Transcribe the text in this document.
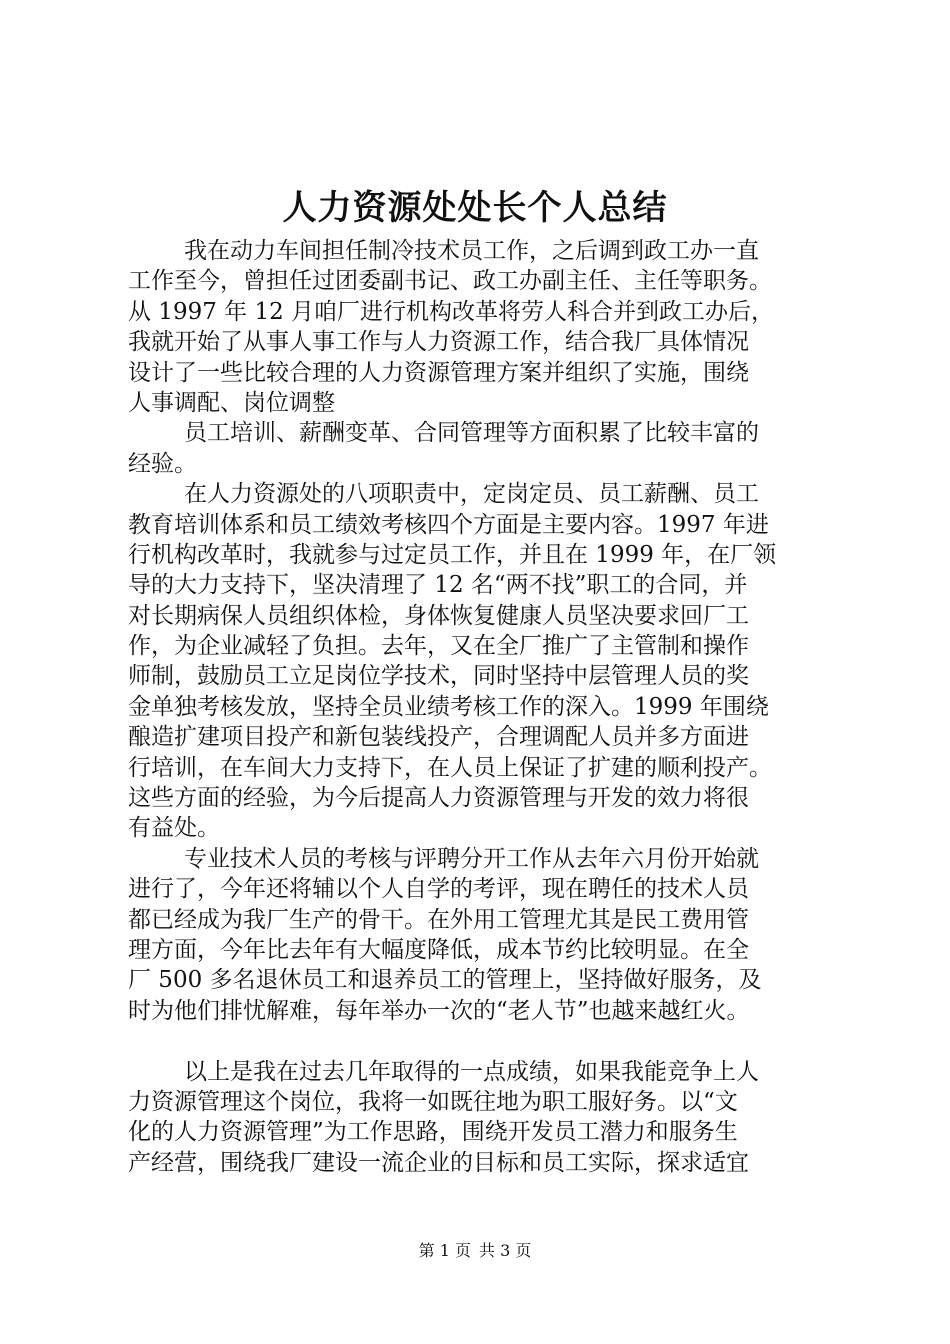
人力资源处处长个人总结
我在动力车间担任制冷技术员工作，之后调到政工办一直
工作至今，曾担任过团委副书记、政工办副主任、主任等职务。
从 1997 年 12 月咱厂进行机构改革将劳人科合并到政工办后，
我就开始了从事人事工作与人力资源工作，结合我厂具体情况
设计了一些比较合理的人力资源管理方案并组织了实施，围绕
人事调配、岗位调整
员工培训、薪酬变革、合同管理等方面积累了比较丰富的
经验。
在人力资源处的八项职责中，定岗定员、员工薪酬、员工
教育培训体系和员工绩效考核四个方面是主要内容。1997 年进
行机构改革时，我就参与过定员工作，并且在 1999 年，在厂领
导的大力支持下，坚决清理了 12 名“两不找”职工的合同，并
对长期病保人员组织体检，身体恢复健康人员坚决要求回厂工
作，为企业减轻了负担。去年，又在全厂推广了主管制和操作
师制，鼓励员工立足岗位学技术，同时坚持中层管理人员的奖
金单独考核发放，坚持全员业绩考核工作的深入。1999 年围绕
酿造扩建项目投产和新包装线投产，合理调配人员并多方面进
行培训，在车间大力支持下，在人员上保证了扩建的顺利投产。
这些方面的经验，为今后提高人力资源管理与开发的效力将很
有益处。
专业技术人员的考核与评聘分开工作从去年六月份开始就
进行了，今年还将辅以个人自学的考评，现在聘任的技术人员
都已经成为我厂生产的骨干。在外用工管理尤其是民工费用管
理方面，今年比去年有大幅度降低，成本节约比较明显。在全
厂 500 多名退休员工和退养员工的管理上，坚持做好服务，及
时为他们排忧解难，每年举办一次的“老人节”也越来越红火。
以上是我在过去几年取得的一点成绩，如果我能竞争上人
力资源管理这个岗位，我将一如既往地为职工服好务。以“文
化的人力资源管理”为工作思路，围绕开发员工潜力和服务生
产经营，围绕我厂建设一流企业的目标和员工实际，探求适宜
第 1 页 共 3 页
